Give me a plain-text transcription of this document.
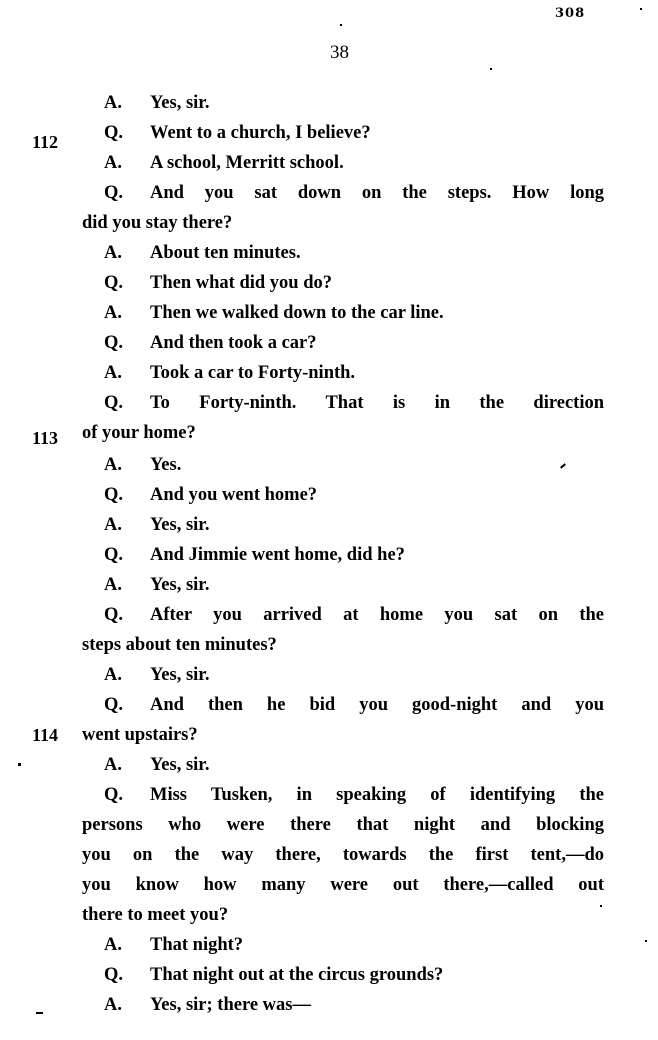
308
38
112
113
114
A. Yes, sir.
Q. Went to a church, I believe?
A. A school, Merritt school.
Q. And you sat down on the steps. How long
did you stay there?
A. About ten minutes.
Q. Then what did you do?
A. Then we walked down to the car line.
Q. And then took a car?
A. Took a car to Forty-ninth.
Q. To Forty-ninth. That is in the direction
of your home?
A. Yes.
Q. And you went home?
A. Yes, sir.
Q. And Jimmie went home, did he?
A. Yes, sir.
Q. After you arrived at home you sat on the
steps about ten minutes?
A. Yes, sir.
Q. And then he bid you good-night and you
went upstairs?
A. Yes, sir.
Q. Miss Tusken, in speaking of identifying the
persons who were there that night and blocking
you on the way there, towards the first tent,—do
you know how many were out there,—called out
there to meet you?
A. That night?
Q. That night out at the circus grounds?
A. Yes, sir; there was—
